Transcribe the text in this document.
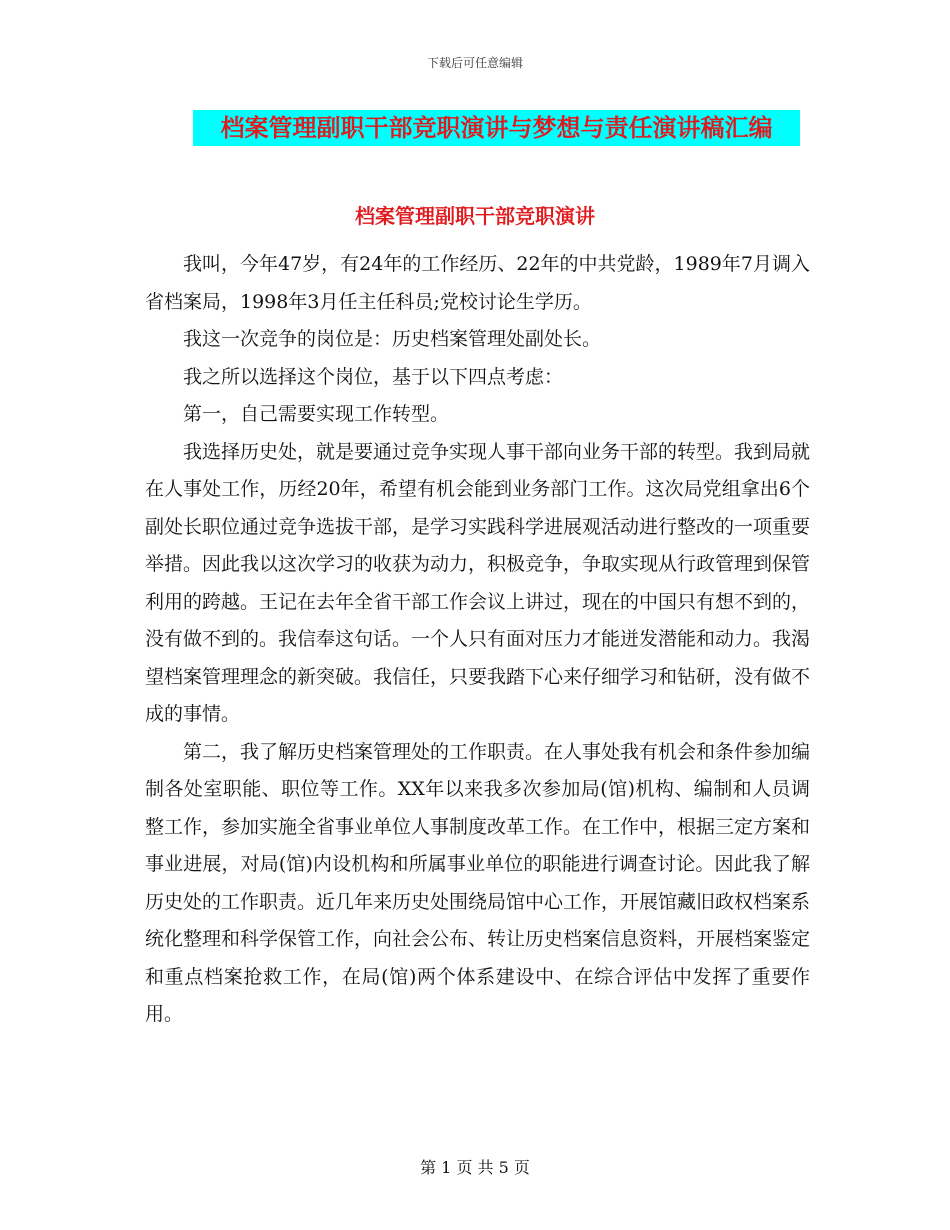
下载后可任意编辑
档案管理副职干部竞职演讲与梦想与责任演讲稿汇编
档案管理副职干部竞职演讲

我叫，今年47岁，有24年的工作经历、22年的中共党龄，1989年7月调入省档案局，1998年3月任主任科员;党校讨论生学历。

我这一次竞争的岗位是：历史档案管理处副处长。

我之所以选择这个岗位，基于以下四点考虑：

第一，自己需要实现工作转型。

我选择历史处，就是要通过竞争实现人事干部向业务干部的转型。我到局就在人事处工作，历经20年，希望有机会能到业务部门工作。这次局党组拿出6个副处长职位通过竞争选拔干部，是学习实践科学进展观活动进行整改的一项重要举措。因此我以这次学习的收获为动力，积极竞争，争取实现从行政管理到保管利用的跨越。王记在去年全省干部工作会议上讲过，现在的中国只有想不到的，没有做不到的。我信奉这句话。一个人只有面对压力才能迸发潜能和动力。我渴望档案管理理念的新突破。我信任，只要我踏下心来仔细学习和钻研，没有做不成的事情。

第二，我了解历史档案管理处的工作职责。在人事处我有机会和条件参加编制各处室职能、职位等工作。XX年以来我多次参加局(馆)机构、编制和人员调整工作，参加实施全省事业单位人事制度改革工作。在工作中，根据三定方案和事业进展，对局(馆)内设机构和所属事业单位的职能进行调查讨论。因此我了解历史处的工作职责。近几年来历史处围绕局馆中心工作，开展馆藏旧政权档案系统化整理和科学保管工作，向社会公布、转让历史档案信息资料，开展档案鉴定和重点档案抢救工作，在局(馆)两个体系建设中、在综合评估中发挥了重要作用。

第 1 页 共 5 页
